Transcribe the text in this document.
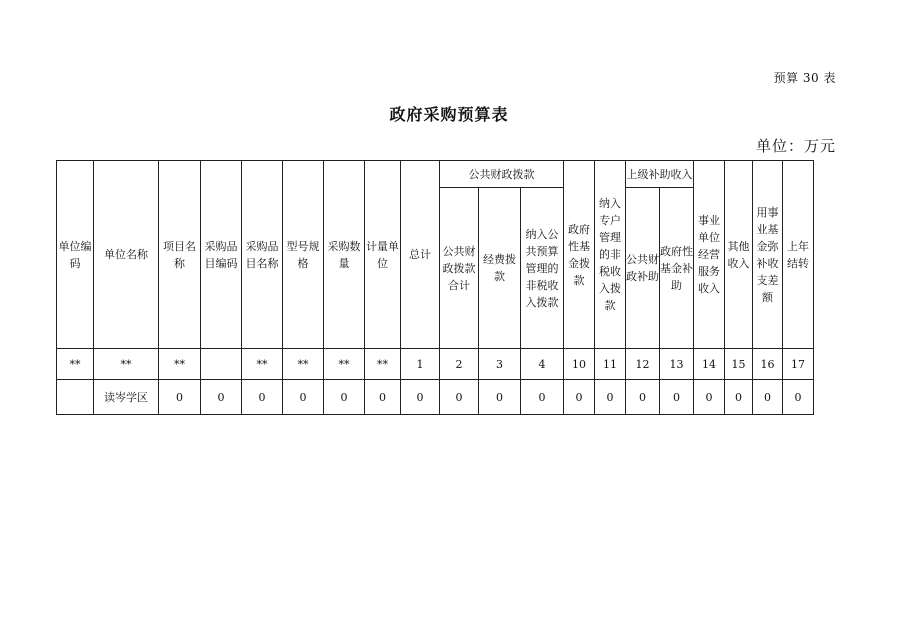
预算 30 表
政府采购预算表
单位：万元
单位编码	单位名称	项目名称	采购品目编码	采购品目名称	型号规格	采购数量	计量单位	总计	公共财政拨款			政府性基金拨款	纳入专户管理的非税收入拨款	上级补助收入		事业单位经营服务收入	其他收入	用事业基金弥补收支差额	上年结转
									公共财政拨款合计	经费拨款	纳入公共预算管理的非税收入拨款								
														公共财政补助	政府性基金补助				
**	**	**		**	**	**	**	1	2	3	4	10	11	12	13	14	15	16	17
	读岑学区	0	0	0	0	0	0	0	0	0	0	0	0	0	0	0	0	0	0
